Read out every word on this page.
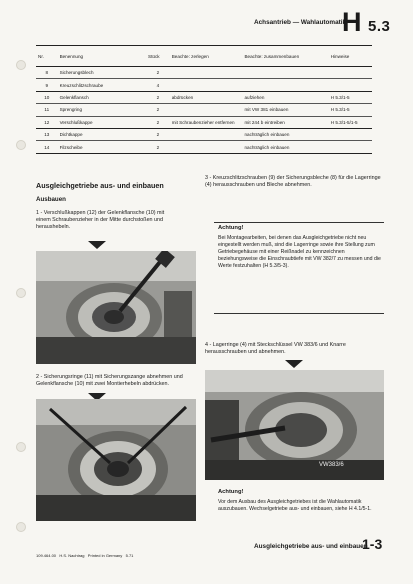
Achsantrieb — Wahlautomatik
H 5.3
Nr.	Benennung	Stück	Beachte: zerlegen	Beachte: zusammenbauen	Hinweise
8	Sicherungsblech	2			
9	Kreuzschlitzschraube	4			
10	Gelenkflansch	2	abdrücken	aufziehen	H 5.3/1-5
11	Sprengring	2		mit VW 381 einbauen	H 5.3/1-5
12	Verschlußkappe	2	mit Schraubenzieher entfernen	mit 244 b eintreiben	H 5.3/1-5/1-5
13	Dichtkappe	2		nachträglich einbauen	
14	Filzscheibe	2		nachträglich einbauen	
Ausgleichgetriebe aus- und einbauen
Ausbauen
1 - Verschlußkappen (12) der Gelenkflansche (10) mit einem Schraubenzieher in der Mitte durchstoßen und heraushebeln.
2 - Sicherungsringe (11) mit Sicherungszange abnehmen und Gelenkflansche (10) mit zwei Montierhebeln abdrücken.
3 - Kreuzschlitzschrauben (9) der Sicherungsbleche (8) für die Lagerringe (4) herausschrauben und Bleche abnehmen.
Achtung!
Bei Montagearbeiten, bei denen das Ausgleichgetriebe nicht neu eingestellt werden muß, sind die Lagerringe sowie ihre Stellung zum Getriebegehäuse mit einer Reißnadel zu kennzeichnen beziehungsweise die Einschraubtiefe mit VW 382/7 zu messen und die Werte festzuhalten (H 5.3/5-3).
4 - Lagerringe (4) mit Steckschlüssel VW 383/6 und Knarre herausschrauben und abnehmen.
VW383/6
Achtung!
Vor dem Ausbau des Ausgleichgetriebes ist die Wahlautomatik auszubauen. Wechselgetriebe aus- und einbauen, siehe H 4.1/5-1.
109.464.00   H.S. Nachtrag   Printed in Germany   5.71
Ausgleichgetriebe aus- und einbauen
1-3
